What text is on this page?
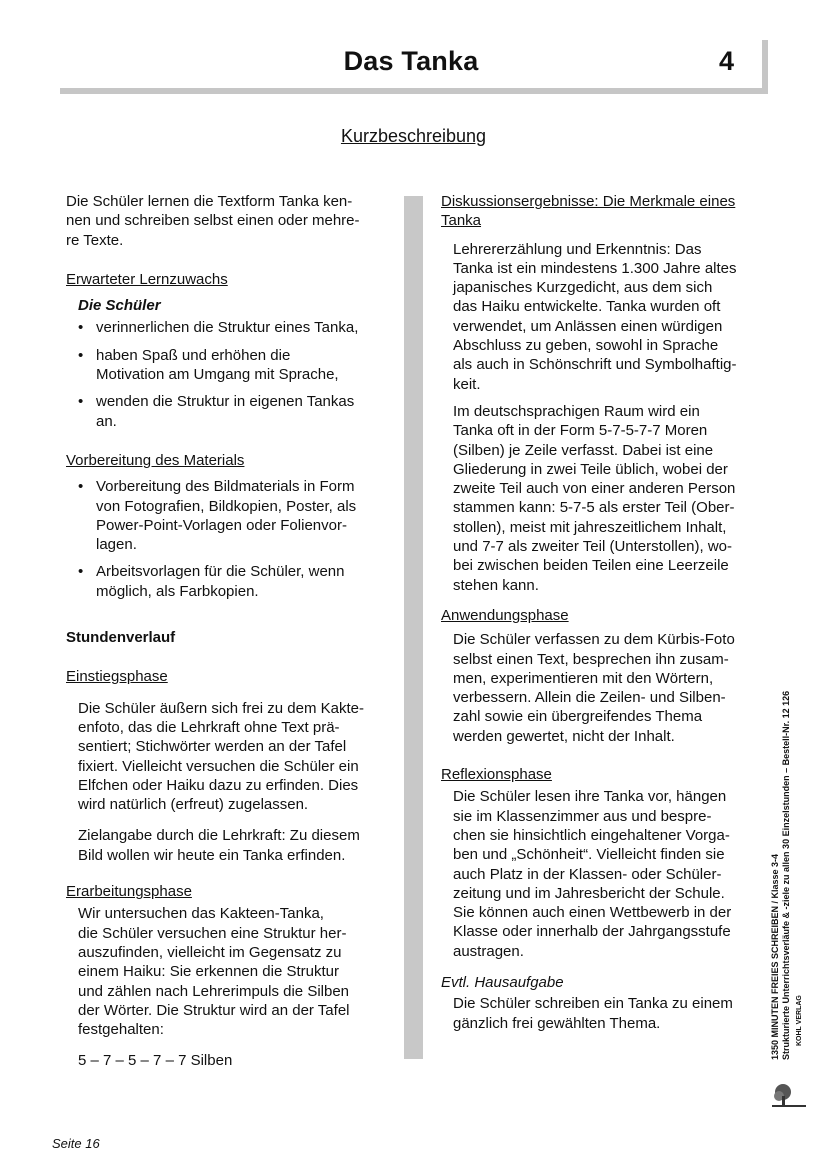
Das Tanka	4
Kurzbeschreibung

Die Schüler lernen die Textform Tanka ken-
nen und schreiben selbst einen oder mehre-
re Texte.

Erwarteter Lernzuwachs

Die Schüler

• verinnerlichen die Struktur eines Tanka,
• haben Spaß und erhöhen die
Motivation am Umgang mit Sprache,
• wenden die Struktur in eigenen Tankas
an.

Vorbereitung des Materials

• Vorbereitung des Bildmaterials in Form
von Fotografien, Bildkopien, Poster, als
Power-Point-Vorlagen oder Folienvor-
lagen.
• Arbeitsvorlagen für die Schüler, wenn
möglich, als Farbkopien.

Stundenverlauf

Einstiegsphase

Die Schüler äußern sich frei zu dem Kakte-
enfoto, das die Lehrkraft ohne Text prä-
sentiert; Stichwörter werden an der Tafel
fixiert. Vielleicht versuchen die Schüler ein
Elfchen oder Haiku dazu zu erfinden. Dies
wird natürlich (erfreut) zugelassen.

Zielangabe durch die Lehrkraft: Zu diesem
Bild wollen wir heute ein Tanka erfinden.

Erarbeitungsphase

Wir untersuchen das Kakteen-Tanka,
die Schüler versuchen eine Struktur her-
auszufinden, vielleicht im Gegensatz zu
einem Haiku: Sie erkennen die Struktur
und zählen nach Lehrerimpuls die Silben
der Wörter. Die Struktur wird an der Tafel
festgehalten:

5 – 7 – 5 – 7 – 7 Silben

Diskussionsergebnisse: Die Merkmale eines
Tanka

Lehrererzählung und Erkenntnis: Das
Tanka ist ein mindestens 1.300 Jahre altes
japanisches Kurzgedicht, aus dem sich
das Haiku entwickelte. Tanka wurden oft
verwendet, um Anlässen einen würdigen
Abschluss zu geben, sowohl in Sprache
als auch in Schönschrift und Symbolhaftig-
keit.

Im deutschsprachigen Raum wird ein
Tanka oft in der Form 5-7-5-7-7 Moren
(Silben) je Zeile verfasst. Dabei ist eine
Gliederung in zwei Teile üblich, wobei der
zweite Teil auch von einer anderen Person
stammen kann: 5-7-5 als erster Teil (Ober-
stollen), meist mit jahreszeitlichem Inhalt,
und 7-7 als zweiter Teil (Unterstollen), wo-
bei zwischen beiden Teilen eine Leerzeile
stehen kann.

Anwendungsphase

Die Schüler verfassen zu dem Kürbis-Foto
selbst einen Text, besprechen ihn zusam-
men, experimentieren mit den Wörtern,
verbessern. Allein die Zeilen- und Silben-
zahl sowie ein übergreifendes Thema
werden gewertet, nicht der Inhalt.

Reflexionsphase

Die Schüler lesen ihre Tanka vor, hängen
sie im Klassenzimmer aus und bespre-
chen sie hinsichtlich eingehaltener Vorga-
ben und „Schönheit“. Vielleicht finden sie
auch Platz in der Klassen- oder Schüler-
zeitung und im Jahresbericht der Schule.
Sie können auch einen Wettbewerb in der
Klasse oder innerhalb der Jahrgangsstufe
austragen.

Evtl. Hausaufgabe

Die Schüler schreiben ein Tanka zu einem
gänzlich frei gewählten Thema.	1350 MINUTEN FREIES SCHREIBEN / Klasse 3-4 Strukturierte Unterrichtsverläufe & -ziele zu allen 30 Einzelstunden – Bestell-Nr. 12 126 KOHL VERLAG
Seite 16
